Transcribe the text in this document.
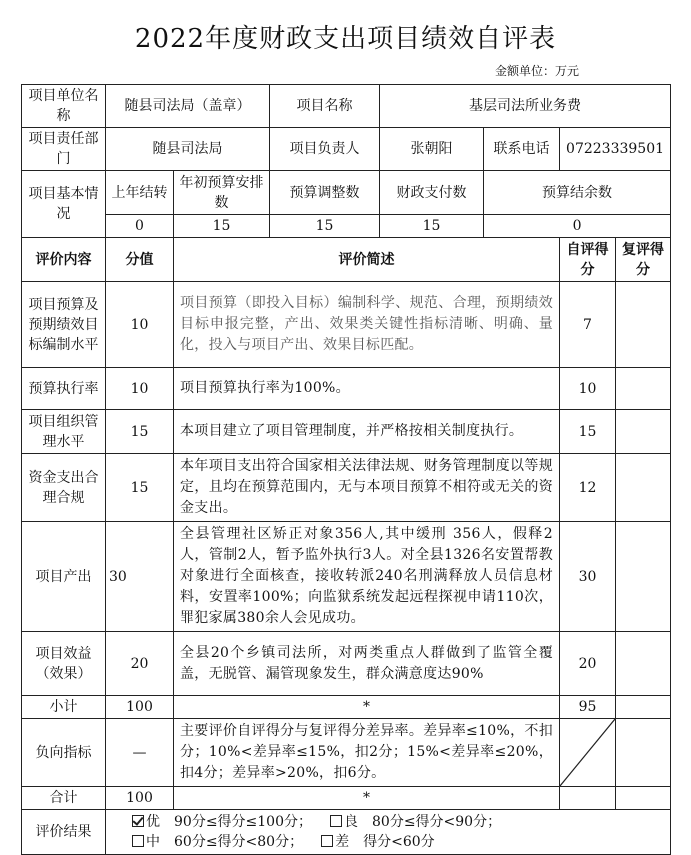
2022年度财政支出项目绩效自评表
金额单位：万元
项目单位名称	随县司法局（盖章）		项目名称	基层司法所业务费			
项目责任部门	随县司法局		项目负责人	张朝阳	联系电话	07223339501	
项目基本情况	上年结转	年初预算安排数	预算调整数	财政支付数	预算结余数		
	0	15	15	15	0		
评价内容	分值	评价简述				自评得分	复评得分
项目预算及预期绩效目标编制水平	10	项目预算（即投入目标）编制科学、规范、合理，预期绩效目标申报完整，产出、效果类关键性指标清晰、明确、量化，投入与项目产出、效果目标匹配。				7	
预算执行率	10	项目预算执行率为100%。				10	
项目组织管理水平	15	本项目建立了项目管理制度，并严格按相关制度执行。				15	
资金支出合理合规	15	本年项目支出符合国家相关法律法规、财务管理制度以等规定，且均在预算范围内，无与本项目预算不相符或无关的资金支出。				12	
项目产出	30	全县管理社区矫正对象356人,其中缓刑 356人，假释2人，管制2人，暂予监外执行3人。对全县1326名安置帮教对象进行全面核查，接收转派240名刑满释放人员信息材料，安置率100%；向监狱系统发起远程探视申请110次，罪犯家属380余人会见成功。				30	
项目效益（效果）	20	全县20个乡镇司法所，对两类重点人群做到了监管全覆盖，无脱管、漏管现象发生，群众满意度达90%				20	
小计	100	*				95	
负向指标	—	主要评价自评得分与复评得分差异率。差异率≤10%，不扣分；10%<差异率≤15%，扣2分；15%<差异率≤20%，扣4分；差异率>20%，扣6分。	

合计	100	*					
评价结果	优　90分≤得分≤100分； 良　80分≤得分<90分；
中　60分≤得分<80分； 差　得分<60分						
